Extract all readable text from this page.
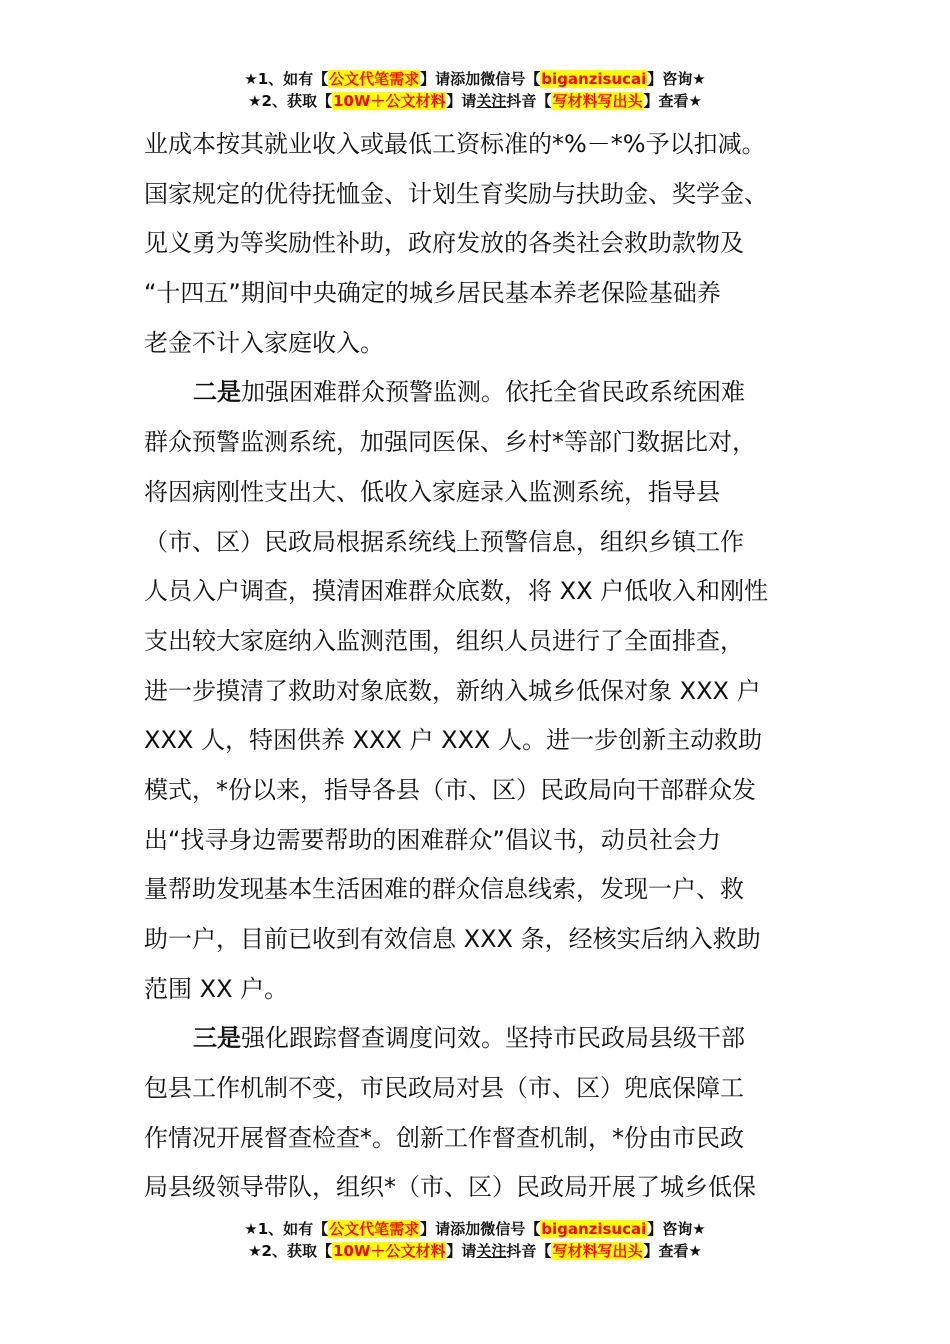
★1、如有【公文代笔需求】请添加微信号【biganzisucai】咨询★
★2、获取【10W＋公文材料】请关注抖音【写材料写出头】查看★

业成本按其就业收入或最低工资标准的*%－*%予以扣减。
国家规定的优待抚恤金、计划生育奖励与扶助金、奖学金、
见义勇为等奖励性补助，政府发放的各类社会救助款物及
“十四五”期间中央确定的城乡居民基本养老保险基础养
老金不计入家庭收入。

二是加强困难群众预警监测。依托全省民政系统困难
群众预警监测系统，加强同医保、乡村*等部门数据比对，
将因病刚性支出大、低收入家庭录入监测系统，指导县
（市、区）民政局根据系统线上预警信息，组织乡镇工作
人员入户调查，摸清困难群众底数，将 XX 户低收入和刚性
支出较大家庭纳入监测范围，组织人员进行了全面排查，
进一步摸清了救助对象底数，新纳入城乡低保对象 XXX 户
XXX 人，特困供养 XXX 户 XXX 人。进一步创新主动救助
模式，*份以来，指导各县（市、区）民政局向干部群众发
出“找寻身边需要帮助的困难群众”倡议书，动员社会力
量帮助发现基本生活困难的群众信息线索，发现一户、救
助一户，目前已收到有效信息 XXX 条，经核实后纳入救助
范围 XX 户。

三是强化跟踪督查调度问效。坚持市民政局县级干部
包县工作机制不变，市民政局对县（市、区）兜底保障工
作情况开展督查检查*。创新工作督查机制，*份由市民政
局县级领导带队，组织*（市、区）民政局开展了城乡低保

★1、如有【公文代笔需求】请添加微信号【biganzisucai】咨询★
★2、获取【10W＋公文材料】请关注抖音【写材料写出头】查看★
